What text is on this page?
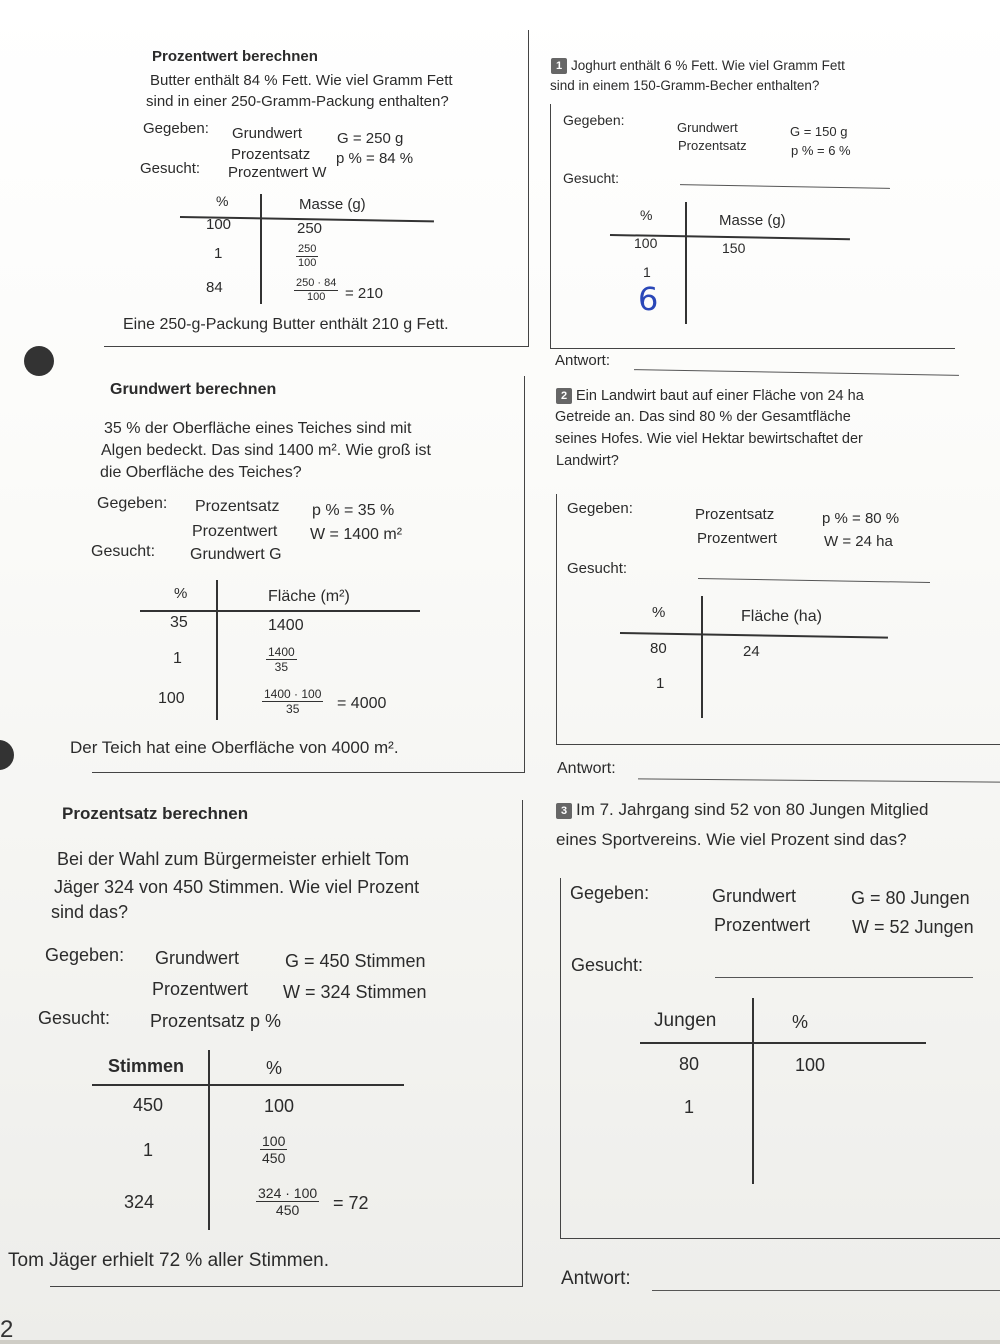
Prozentwert berechnen
Butter enthält 84 % Fett. Wie viel Gramm Fett
sind in einer 250-Gramm-Packung enthalten?
Gegeben: Grundwert G = 250 g
Prozentsatz p % = 84 %
Gesucht: Prozentwert W
%	Masse (g)
100	250
1	$\frac{250}{100}$
84	$\frac{250 \cdot 84}{100} = 210$
Eine 250-g-Packung Butter enthält 210 g Fett.
1 Joghurt enthält 6 % Fett. Wie viel Gramm Fett
sind in einem 150-Gramm-Becher enthalten?
Gegeben:	Grundwert	G = 150 g
Prozentsatz	p % = 6 %
Gesucht:
%	Masse (g)
100	150
1
6
Antwort:
Grundwert berechnen
35 % der Oberfläche eines Teiches sind mit
Algen bedeckt. Das sind 1400 m². Wie groß ist
die Oberfläche des Teiches?
Gegeben: Prozentsatz p % = 35 %
Prozentwert W = 1400 m²
Gesucht: Grundwert G
%	Fläche (m²)
35	1400
1	$\frac{1400}{35}$
100	$\frac{1400 \cdot 100}{35} = 4000$
Der Teich hat eine Oberfläche von 4000 m².
2 Ein Landwirt baut auf einer Fläche von 24 ha
Getreide an. Das sind 80 % der Gesamtfläche
seines Hofes. Wie viel Hektar bewirtschaftet der
Landwirt?
Gegeben:	Prozentsatz	p % = 80 %
Prozentwert	W = 24 ha
Gesucht:
%	Fläche (ha)
80	24
1
Antwort:
Prozentsatz berechnen
Bei der Wahl zum Bürgermeister erhielt Tom
Jäger 324 von 450 Stimmen. Wie viel Prozent
sind das?
Gegeben: Grundwert	G = 450 Stimmen
Prozentwert W = 324 Stimmen
Gesucht: Prozentsatz p %
Stimmen	%
450	100
1	$\frac{100}{450}$
324	$\frac{324 \cdot 100}{450} = 72$
Tom Jäger erhielt 72 % aller Stimmen.
3 Im 7. Jahrgang sind 52 von 80 Jungen Mitglied
eines Sportvereins. Wie viel Prozent sind das?
Gegeben:	Grundwert	G = 80 Jungen
Prozentwert W = 52 Jungen
Gesucht:
Jungen	%
80	100
1
Antwort:
2
